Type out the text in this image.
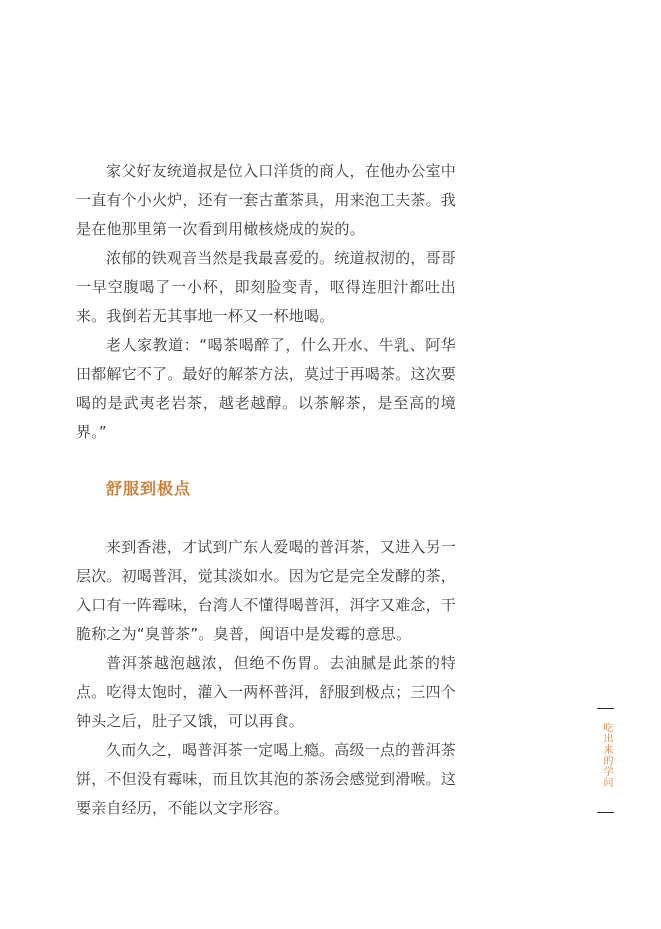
家父好友统道叔是位入口洋货的商人，在他办公室中一直有个小火炉，还有一套古董茶具，用来泡工夫茶。我是在他那里第一次看到用橄核烧成的炭的。

浓郁的铁观音当然是我最喜爱的。统道叔沏的，哥哥一早空腹喝了一小杯，即刻脸变青，呕得连胆汁都吐出来。我倒若无其事地一杯又一杯地喝。

老人家教道：“喝茶喝醉了，什么开水、牛乳、阿华田都解它不了。最好的解茶方法，莫过于再喝茶。这次要喝的是武夷老岩茶，越老越醇。以茶解茶，是至高的境界。”

舒服到极点

来到香港，才试到广东人爱喝的普洱茶，又进入另一层次。初喝普洱，觉其淡如水。因为它是完全发酵的茶，入口有一阵霉味，台湾人不懂得喝普洱，洱字又难念，干脆称之为“臭普茶”。臭普，闽语中是发霉的意思。

普洱茶越泡越浓，但绝不伤胃。去油腻是此茶的特点。吃得太饱时，灌入一两杯普洱，舒服到极点；三四个钟头之后，肚子又饿，可以再食。

久而久之，喝普洱茶一定喝上瘾。高级一点的普洱茶饼，不但没有霉味，而且饮其泡的茶汤会感觉到滑喉。这要亲自经历，不能以文字形容。

吃出来的学问
